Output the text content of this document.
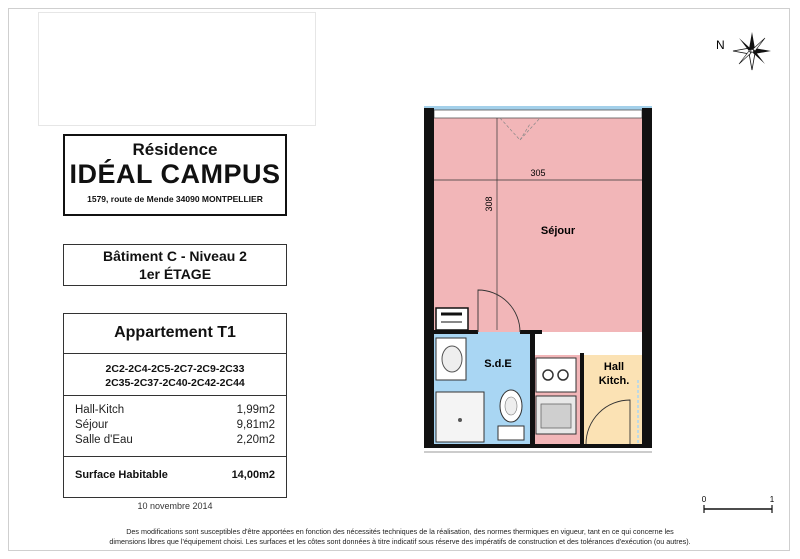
Résidence
IDÉAL CAMPUS
1579, route de Mende 34090 MONTPELLIER
Bâtiment C - Niveau 2
1er ÉTAGE
Appartement T1
2C2-2C4-2C5-2C7-2C9-2C33
2C35-2C37-2C40-2C42-2C44
Hall-Kitch	1,99m2
Séjour	9,81m2
Salle d'Eau	2,20m2
Surface Habitable	14,00m2
10 novembre 2014
Des modifications sont susceptibles d'être apportées en fonction des nécessités techniques de la réalisation, des normes thermiques en vigueur, tant en ce qui concerne les
dimensions libres que l'équipement choisi. Les surfaces et les côtes sont données à titre indicatif sous réserve des impératifs de construction et des tolérances d'exécution (ou autres).
N
305
308
Séjour
S.d.E	Hall
Kitch.
0	1
